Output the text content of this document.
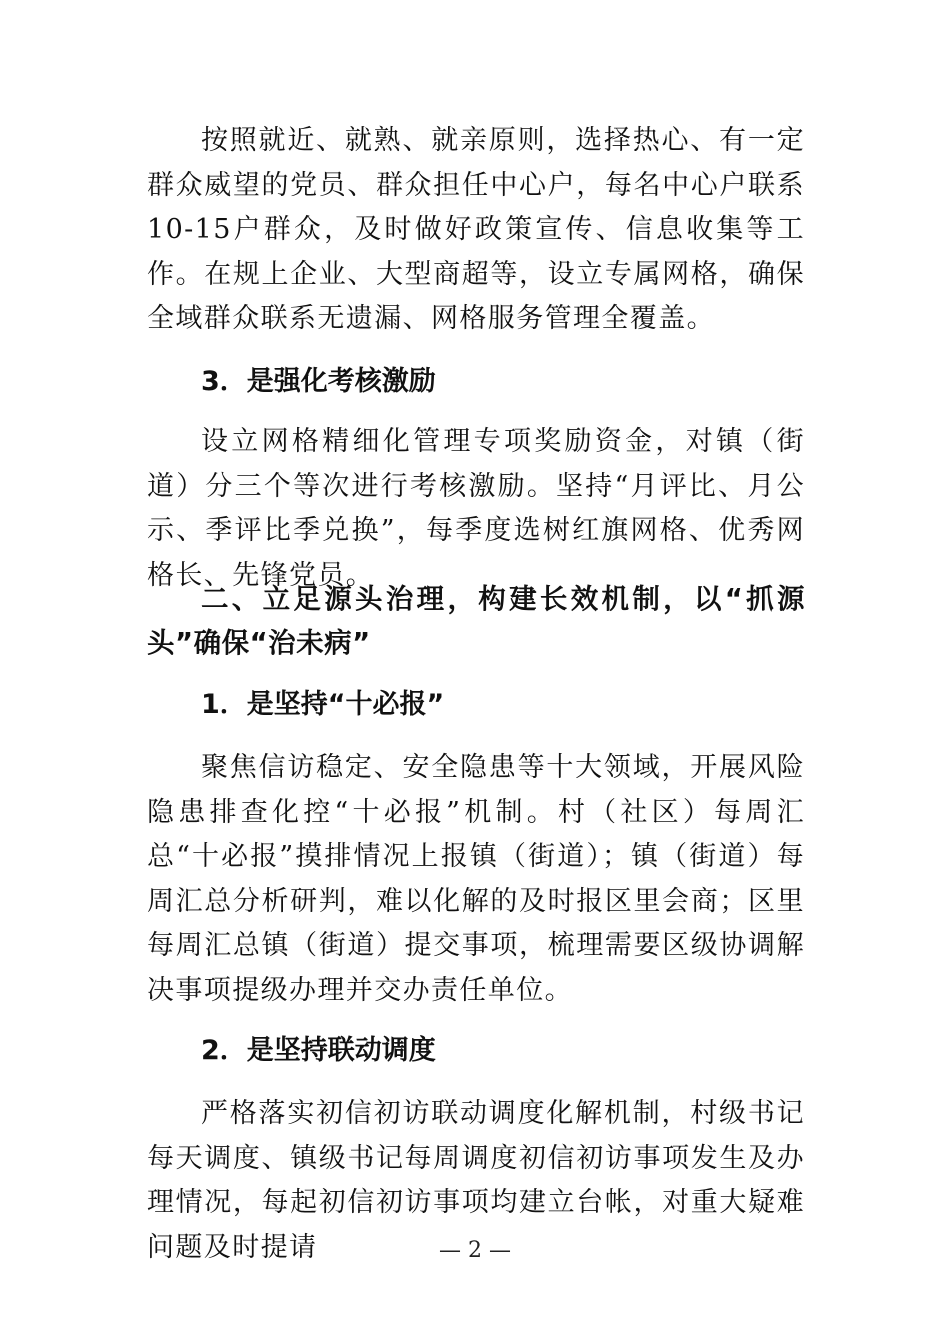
按照就近、就熟、就亲原则，选择热心、有一定群众威望的党员、群众担任中心户，每名中心户联系10-15户群众，及时做好政策宣传、信息收集等工作。在规上企业、大型商超等，设立专属网格，确保全域群众联系无遗漏、网格服务管理全覆盖。

3．是强化考核激励

设立网格精细化管理专项奖励资金，对镇（街道）分三个等次进行考核激励。坚持“月评比、月公示、季评比季兑换”，每季度选树红旗网格、优秀网格长、先锋党员。

二、立足源头治理，构建长效机制，以“抓源头”确保“治未病”

1．是坚持“十必报”

聚焦信访稳定、安全隐患等十大领域，开展风险隐患排查化控“十必报”机制。村（社区）每周汇总“十必报”摸排情况上报镇（街道）；镇（街道）每周汇总分析研判，难以化解的及时报区里会商；区里每周汇总镇（街道）提交事项，梳理需要区级协调解决事项提级办理并交办责任单位。

2．是坚持联动调度

严格落实初信初访联动调度化解机制，村级书记每天调度、镇级书记每周调度初信初访事项发生及办理情况，每起初信初访事项均建立台帐，对重大疑难问题及时提请	— 2 —
